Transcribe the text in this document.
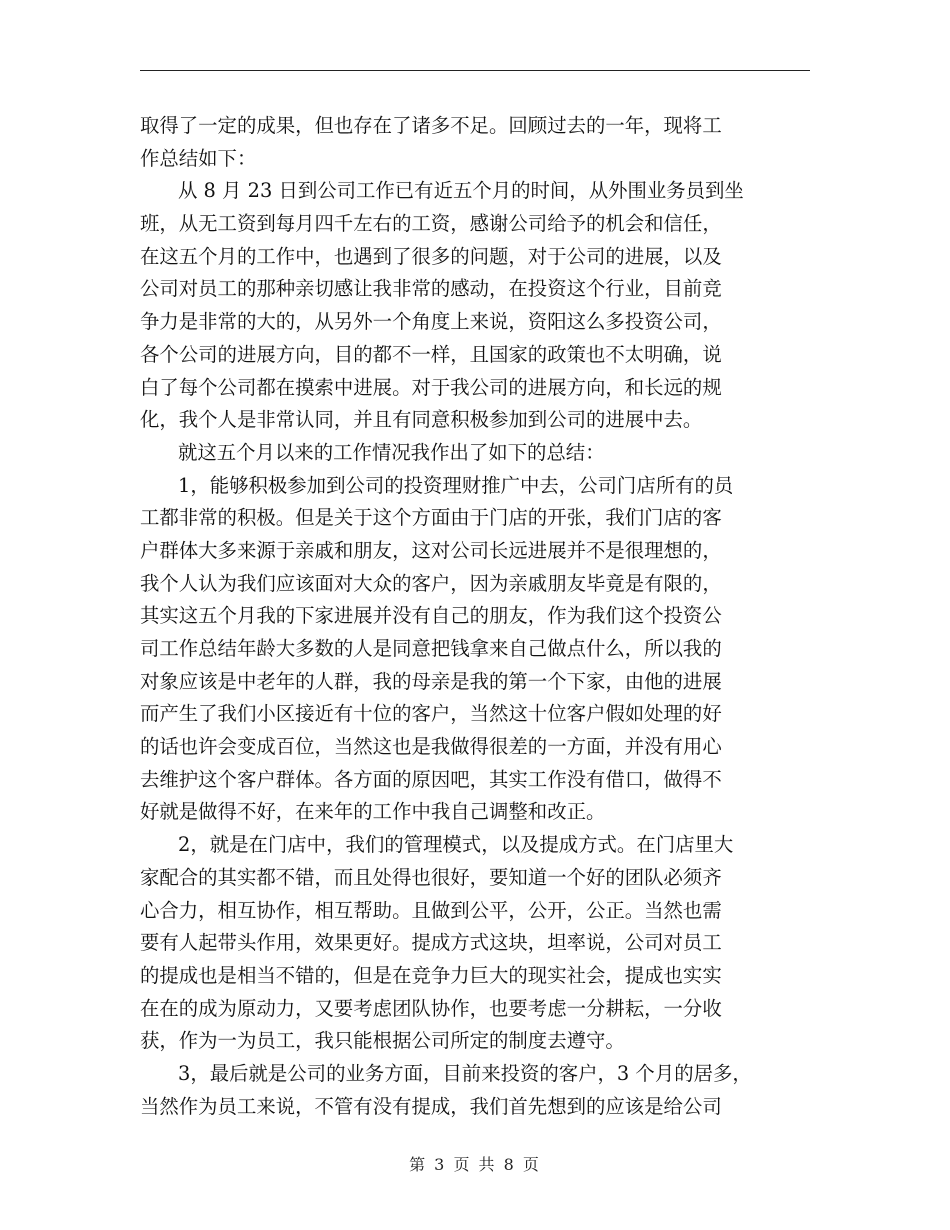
取得了一定的成果，但也存在了诸多不足。回顾过去的一年，现将工
作总结如下：
从 8 月 23 日到公司工作已有近五个月的时间，从外围业务员到坐
班，从无工资到每月四千左右的工资，感谢公司给予的机会和信任，
在这五个月的工作中，也遇到了很多的问题，对于公司的进展，以及
公司对员工的那种亲切感让我非常的感动，在投资这个行业，目前竞
争力是非常的大的，从另外一个角度上来说，资阳这么多投资公司，
各个公司的进展方向，目的都不一样，且国家的政策也不太明确，说
白了每个公司都在摸索中进展。对于我公司的进展方向，和长远的规
化，我个人是非常认同，并且有同意积极参加到公司的进展中去。
就这五个月以来的工作情况我作出了如下的总结：
1，能够积极参加到公司的投资理财推广中去，公司门店所有的员
工都非常的积极。但是关于这个方面由于门店的开张，我们门店的客
户群体大多来源于亲戚和朋友，这对公司长远进展并不是很理想的，
我个人认为我们应该面对大众的客户，因为亲戚朋友毕竟是有限的，
其实这五个月我的下家进展并没有自己的朋友，作为我们这个投资公
司工作总结年龄大多数的人是同意把钱拿来自己做点什么，所以我的
对象应该是中老年的人群，我的母亲是我的第一个下家，由他的进展
而产生了我们小区接近有十位的客户，当然这十位客户假如处理的好
的话也许会变成百位，当然这也是我做得很差的一方面，并没有用心
去维护这个客户群体。各方面的原因吧，其实工作没有借口，做得不
好就是做得不好，在来年的工作中我自己调整和改正。
2，就是在门店中，我们的管理模式，以及提成方式。在门店里大
家配合的其实都不错，而且处得也很好，要知道一个好的团队必须齐
心合力，相互协作，相互帮助。且做到公平，公开，公正。当然也需
要有人起带头作用，效果更好。提成方式这块，坦率说，公司对员工
的提成也是相当不错的，但是在竞争力巨大的现实社会，提成也实实
在在的成为原动力，又要考虑团队协作，也要考虑一分耕耘，一分收
获，作为一为员工，我只能根据公司所定的制度去遵守。
3，最后就是公司的业务方面，目前来投资的客户，3 个月的居多，
当然作为员工来说，不管有没有提成，我们首先想到的应该是给公司
第 3 页 共 8 页
